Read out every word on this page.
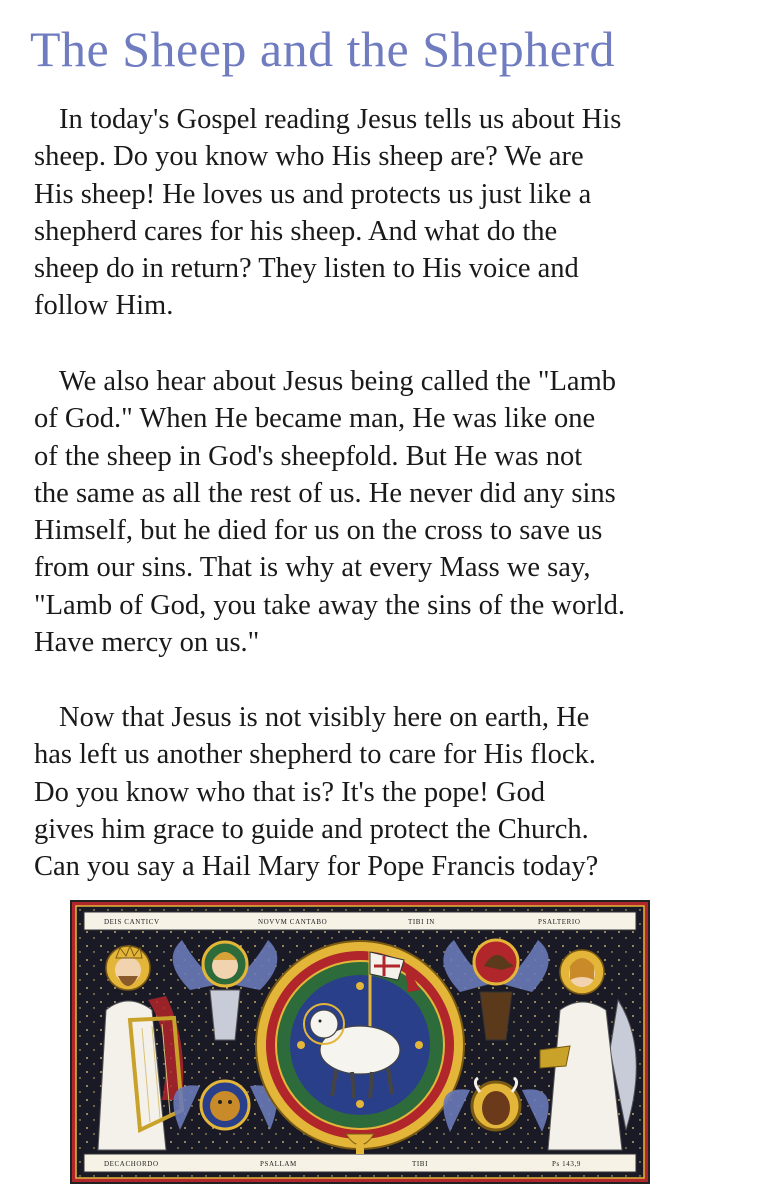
The Sheep and the Shepherd

In today's Gospel reading Jesus tells us about His
sheep. Do you know who His sheep are? We are
His sheep! He loves us and protects us just like a
shepherd cares for his sheep. And what do the
sheep do in return? They listen to His voice and
follow Him.

We also hear about Jesus being called the "Lamb
of God." When He became man, He was like one
of the sheep in God's sheepfold. But He was not
the same as all the rest of us. He never did any sins
Himself, but he died for us on the cross to save us
from our sins. That is why at every Mass we say,
"Lamb of God, you take away the sins of the world.
Have mercy on us."

Now that Jesus is not visibly here on earth, He
has left us another shepherd to care for His flock.
Do you know who that is? It's the pope! God
gives him grace to guide and protect the Church.
Can you say a Hail Mary for Pope Francis today?

DEIS CANTICV	NOVVM CANTABO	TIBI IN	PSALTERIO
DECACHORDO	PSALLAM	TIBI	Ps 143,9
